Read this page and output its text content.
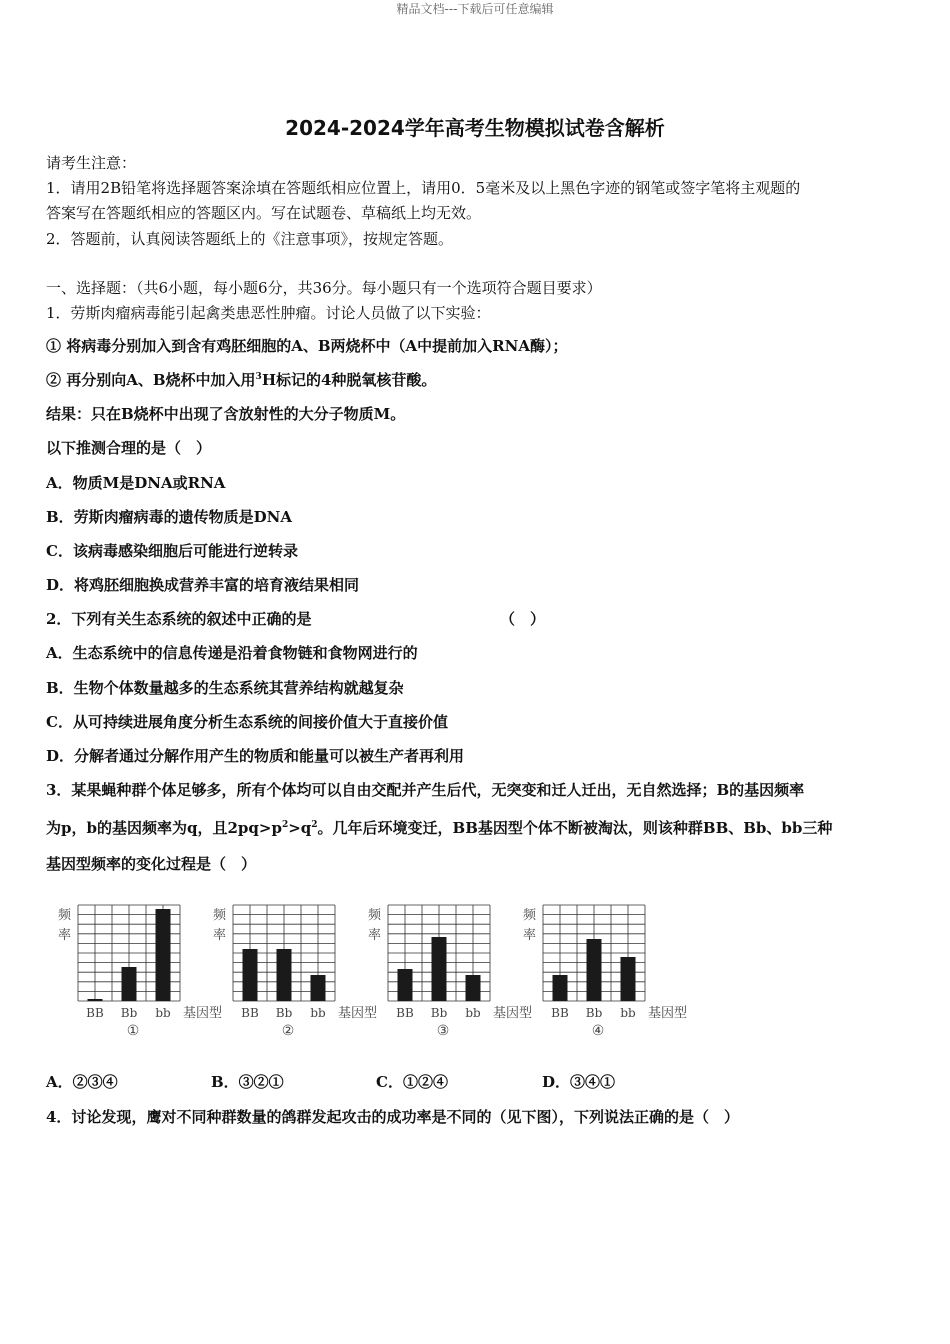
精品文档---下载后可任意编辑
2024-2024学年高考生物模拟试卷含解析
请考生注意：
1．请用2B铅笔将选择题答案涂填在答题纸相应位置上，请用0．5毫米及以上黑色字迹的钢笔或签字笔将主观题的
答案写在答题纸相应的答题区内。写在试题卷、草稿纸上均无效。
2．答题前，认真阅读答题纸上的《注意事项》，按规定答题。
一、选择题：（共6小题，每小题6分，共36分。每小题只有一个选项符合题目要求）
1．劳斯肉瘤病毒能引起禽类患恶性肿瘤。讨论人员做了以下实验：
① 将病毒分别加入到含有鸡胚细胞的A、B两烧杯中（A中提前加入RNA酶）；
② 再分别向A、B烧杯中加入用$^3$H标记的4种脱氧核苷酸。
结果：只在B烧杯中出现了含放射性的大分子物质M。
以下推测合理的是（　）
A．物质M是DNA或RNA
B．劳斯肉瘤病毒的遗传物质是DNA
C．该病毒感染细胞后可能进行逆转录
D．将鸡胚细胞换成营养丰富的培育液结果相同
2．下列有关生态系统的叙述中正确的是	（　）
A．生态系统中的信息传递是沿着食物链和食物网进行的
B．生物个体数量越多的生态系统其营养结构就越复杂
C．从可持续进展角度分析生态系统的间接价值大于直接价值
D．分解者通过分解作用产生的物质和能量可以被生产者再利用
3．某果蝇种群个体足够多，所有个体均可以自由交配并产生后代，无突变和迁人迁出，无自然选择；B的基因频率
为p，b的基因频率为q，且$2pq>p^2>q^2$。几年后环境变迁，BB基因型个体不断被淘汰，则该种群BB、Bb、bb三种
基因型频率的变化过程是（　）
频
率
BB Bb bb 基因型
①
频
率
BB Bb bb 基因型
②
频
率
BB Bb bb 基因型
③
频
率
BB Bb bb 基因型
④
A．②③④	B．③②①	C．①②④	D．③④①
4．讨论发现，鹰对不同种群数量的鸽群发起攻击的成功率是不同的（见下图），下列说法正确的是（　）
